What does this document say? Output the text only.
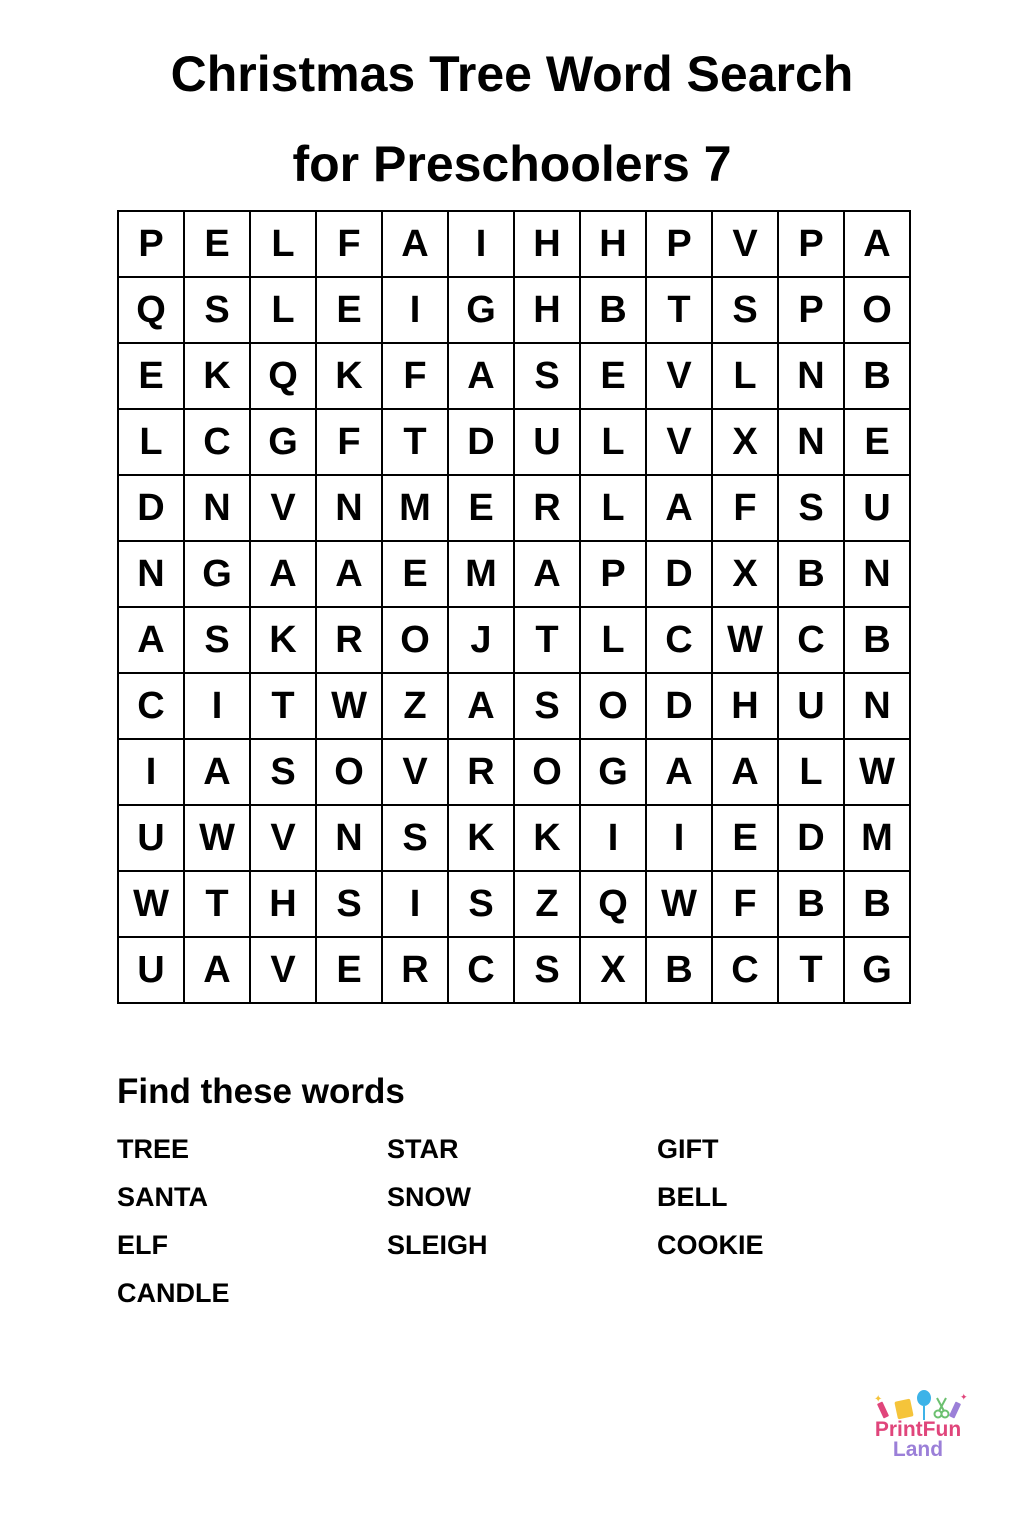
Christmas Tree Word Search
for Preschoolers 7
P	E	L	F	A	I	H	H	P	V	P	A
Q	S	L	E	I	G	H	B	T	S	P	O
E	K	Q	K	F	A	S	E	V	L	N	B
L	C	G	F	T	D	U	L	V	X	N	E
D	N	V	N	M	E	R	L	A	F	S	U
N	G	A	A	E	M	A	P	D	X	B	N
A	S	K	R	O	J	T	L	C	W	C	B
C	I	T	W	Z	A	S	O	D	H	U	N
I	A	S	O	V	R	O	G	A	A	L	W
U	W	V	N	S	K	K	I	I	E	D	M
W	T	H	S	I	S	Z	Q	W	F	B	B
U	A	V	E	R	C	S	X	B	C	T	G
Find these words
TREE	STAR	GIFT
SANTA	SNOW	BELL
ELF	SLEIGH	COOKIE
CANDLE
✦	✦
PrintFun
Land
